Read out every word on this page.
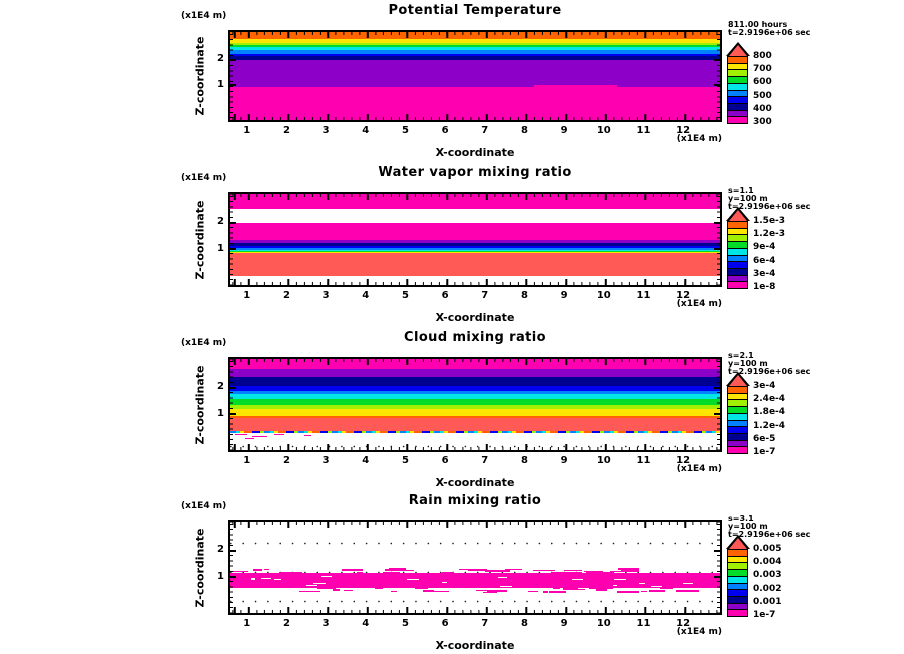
Potential Temperature
(x1E4 m)
Z-coordinate	2
1
1	2	3	4	5	6	7	8	9	10	11	12
(x1E4 m)
X-coordinate
811.00 hours
t=2.9196e+06 sec
800
700
600
500
400
300
Water vapor mixing ratio
(x1E4 m)
Z-coordinate	2
1
1	2	3	4	5	6	7	8	9	10	11	12
(x1E4 m)
X-coordinate
s=1.1
y=100 m
t=2.9196e+06 sec
1.5e-3
1.2e-3
9e-4
6e-4
3e-4
1e-8
Cloud mixing ratio
(x1E4 m)
Z-coordinate	2
1
1	2	3	4	5	6	7	8	9	10	11	12
(x1E4 m)
X-coordinate
s=2.1
y=100 m
t=2.9196e+06 sec
3e-4
2.4e-4
1.8e-4
1.2e-4
6e-5
1e-7
Rain mixing ratio
(x1E4 m)
Z-coordinate	2
1
1	2	3	4	5	6	7	8	9	10	11	12
(x1E4 m)
X-coordinate
s=3.1
y=100 m
t=2.9196e+06 sec
0.005
0.004
0.003
0.002
0.001
1e-7
